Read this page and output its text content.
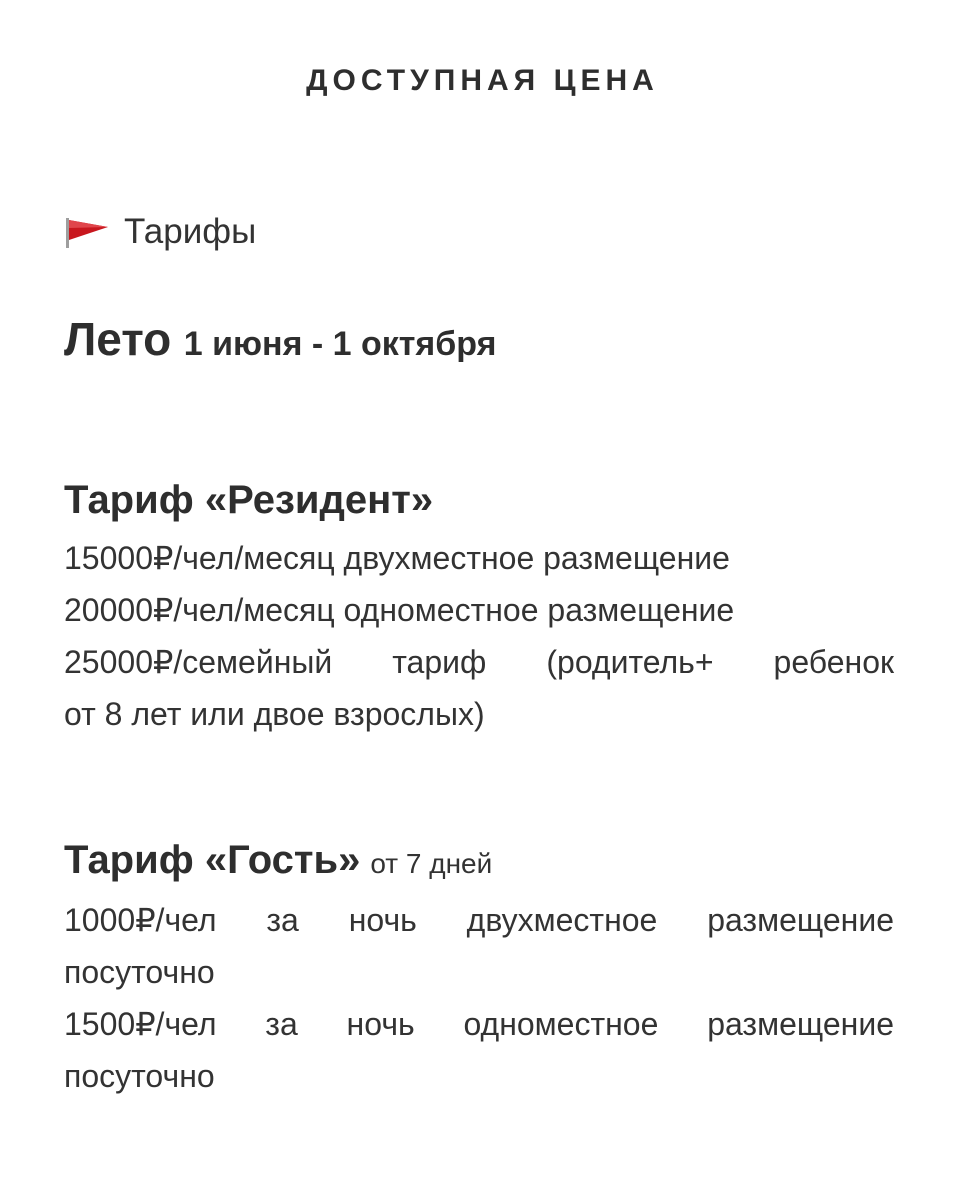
ДОСТУПНАЯ ЦЕНА
Тарифы
Лето 1 июня - 1 октября
Тариф «Резидент»
15000₽/чел/месяц двухместное размещение
20000₽/чел/месяц одноместное размещение
25000₽/семейный тариф (родитель+ ребенок
от 8 лет или двое взрослых)
Тариф «Гость» от 7 дней
1000₽/чел за ночь двухместное размещение
посуточно
1500₽/чел за ночь одноместное размещение
посуточно
